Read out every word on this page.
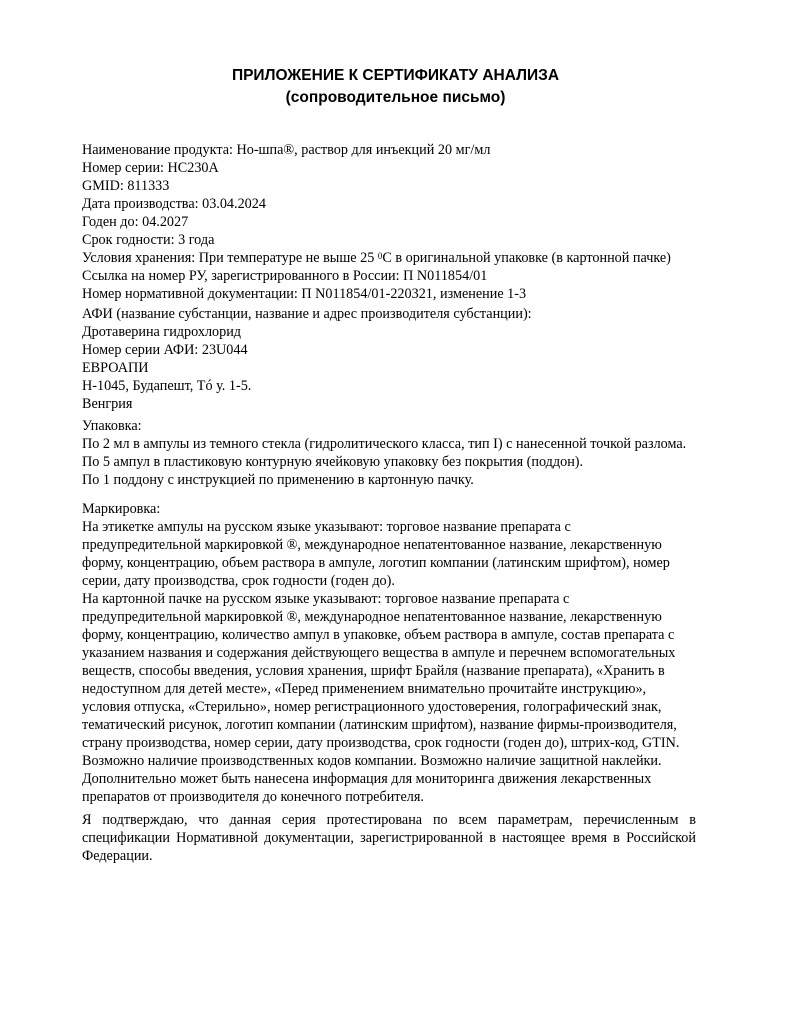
ПРИЛОЖЕНИЕ К СЕРТИФИКАТУ АНАЛИЗА
(сопроводительное письмо)
Наименование продукта: Но-шпа®, раствор для инъекций 20 мг/мл
Номер серии: HC230A
GMID: 811333
Дата производства: 03.04.2024
Годен до: 04.2027
Срок годности: 3 года
Условия хранения: При температуре не выше 25 $^0$С в оригинальной упаковке (в картонной пачке)
Ссылка на номер РУ, зарегистрированного в России: П N011854/01
Номер нормативной документации: П N011854/01-220321, изменение 1-3
АФИ (название субстанции, название и адрес производителя субстанции):
Дротаверина гидрохлорид
Номер серии АФИ: 23U044
ЕВРОАПИ
H-1045, Будапешт, Tó у. 1-5.
Венгрия
Упаковка:
По 2 мл в ампулы из темного стекла (гидролитического класса, тип I) с нанесенной точкой разлома.
По 5 ампул в пластиковую контурную ячейковую упаковку без покрытия (поддон).
По 1 поддону с инструкцией по применению в картонную пачку.
Маркировка:
На этикетке ампулы на русском языке указывают: торговое название препарата с
предупредительной маркировкой ®, международное непатентованное название, лекарственную
форму, концентрацию, объем раствора в ампуле, логотип компании (латинским шрифтом), номер
серии, дату производства, срок годности (годен до).
На картонной пачке на русском языке указывают: торговое название препарата с
предупредительной маркировкой ®, международное непатентованное название, лекарственную
форму, концентрацию, количество ампул в упаковке, объем раствора в ампуле, состав препарата с
указанием названия и содержания действующего вещества в ампуле и перечнем вспомогательных
веществ, способы введения, условия хранения, шрифт Брайля (название препарата), «Хранить в
недоступном для детей месте», «Перед применением внимательно прочитайте инструкцию»,
условия отпуска, «Стерильно», номер регистрационного удостоверения, голографический знак,
тематический рисунок, логотип компании (латинским шрифтом), название фирмы-производителя,
страну производства, номер серии, дату производства, срок годности (годен до), штрих-код, GTIN.
Возможно наличие производственных кодов компании. Возможно наличие защитной наклейки.
Дополнительно может быть нанесена информация для мониторинга движения лекарственных
препаратов от производителя до конечного потребителя.
Я подтверждаю, что данная серия протестирована по всем параметрам, перечисленным в
спецификации Нормативной документации, зарегистрированной в настоящее время в Российской
Федерации.
